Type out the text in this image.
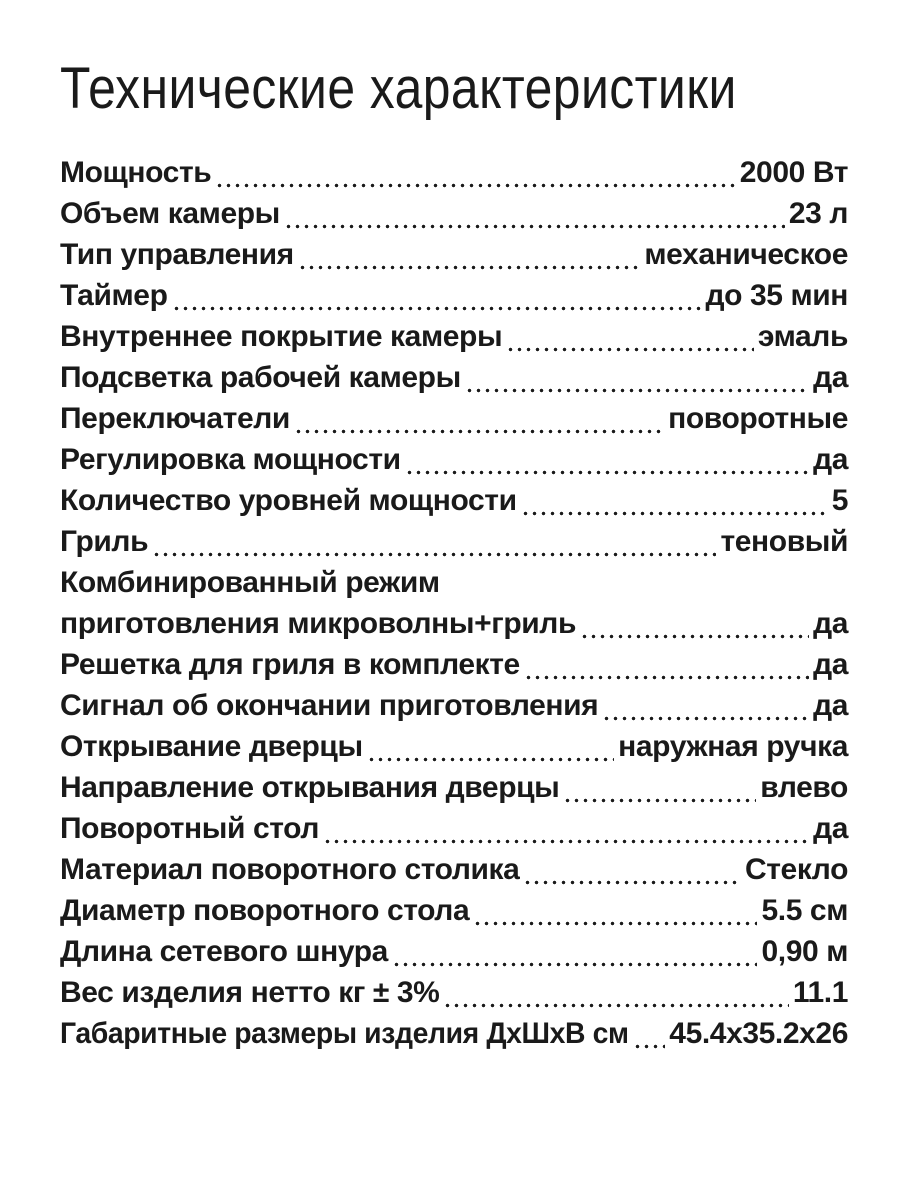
Технические характеристики
Мощность	2000 Вт
Объем камеры	23 л
Тип управления	механическое
Таймер	до 35 мин
Внутреннее покрытие камеры	эмаль
Подсветка рабочей камеры	да
Переключатели	поворотные
Регулировка мощности	да
Количество уровней мощности	5
Гриль	теновый
Комбинированный режим
приготовления микроволны+гриль	да
Решетка для гриля в комплекте	да
Сигнал об окончании приготовления	да
Открывание дверцы	наружная ручка
Направление открывания дверцы	влево
Поворотный стол	да
Материал поворотного столика	Стекло
Диаметр поворотного стола	5.5 см
Длина сетевого шнура	0,90 м
Вес изделия нетто кг ± 3%	11.1
Габаритные размеры изделия ДхШхВ см 45.4x35.2x26
